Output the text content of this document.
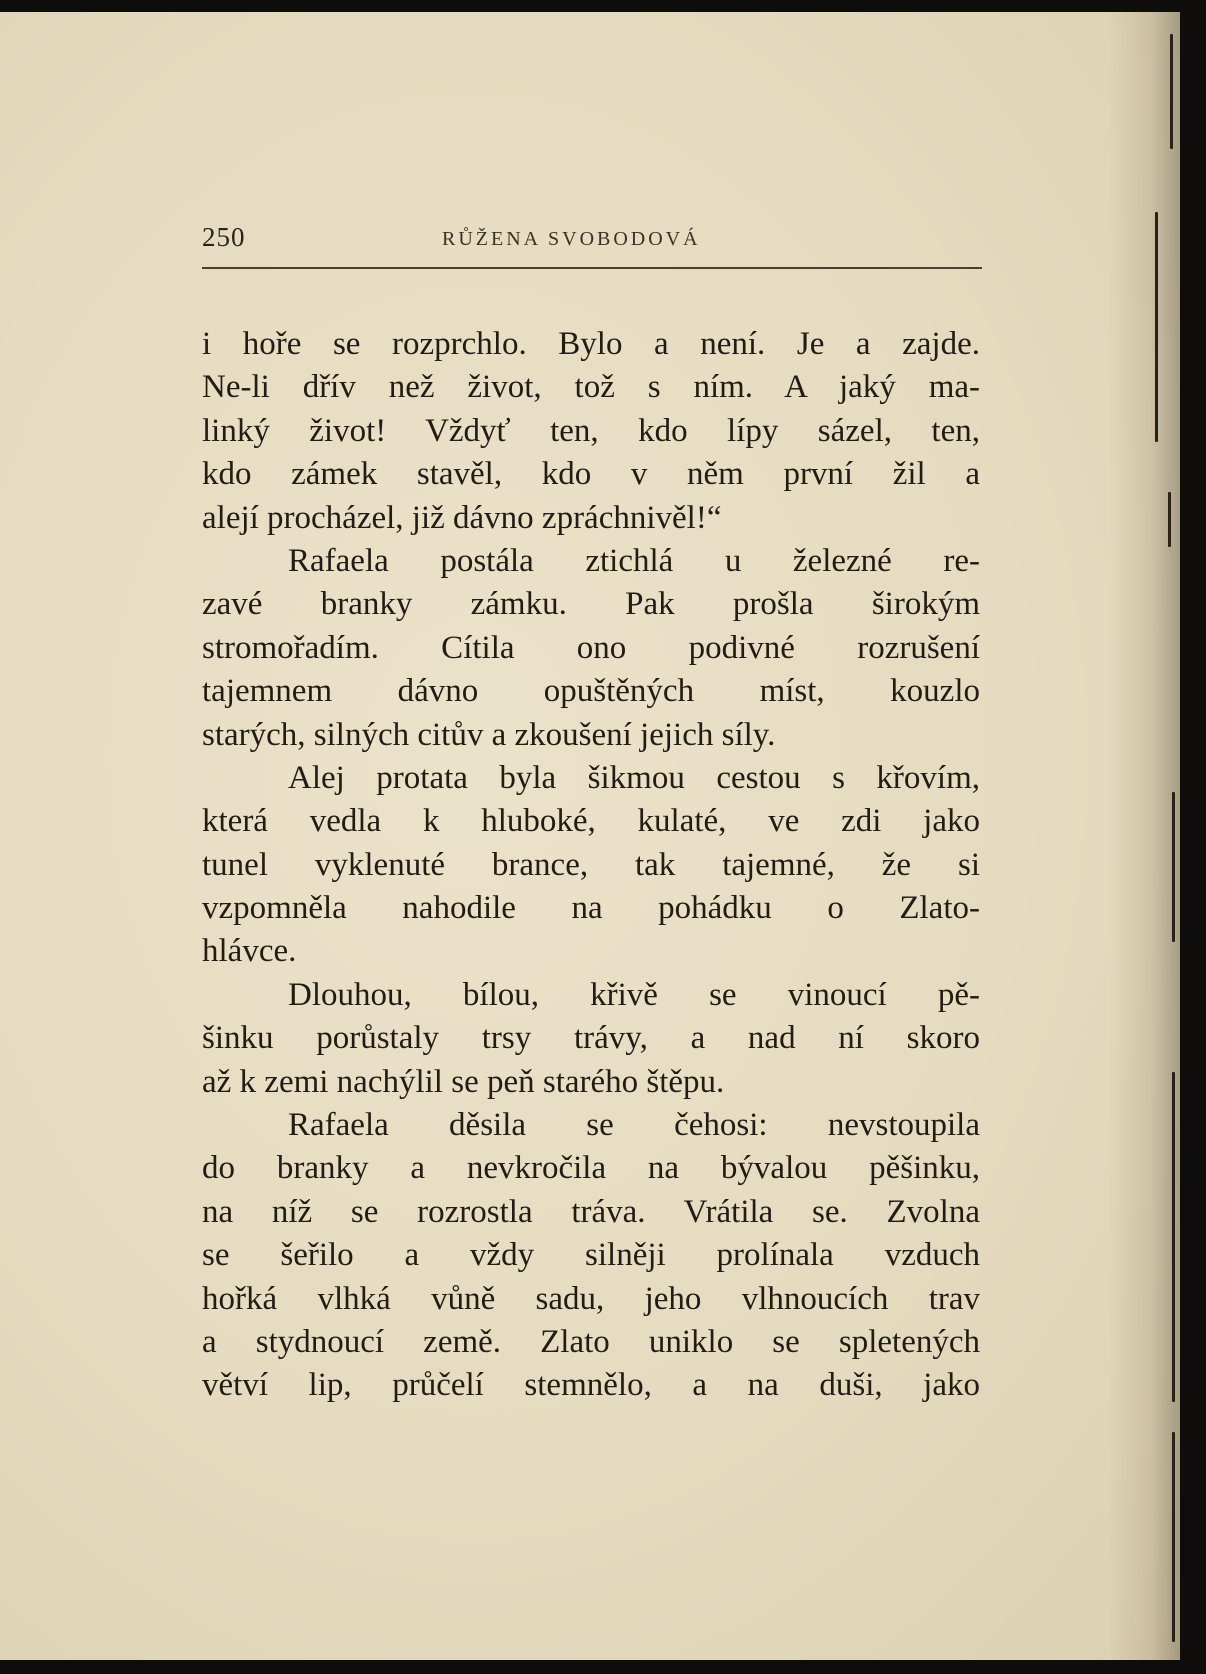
250	RŮŽENA SVOBODOVÁ
i hoře se rozprchlo. Bylo a není. Je a zajde.
Ne-li dřív než život, tož s ním. A jaký ma-
linký život! Vždyť ten, kdo lípy sázel, ten,
kdo zámek stavěl, kdo v něm první žil a
alejí procházel, již dávno zpráchnivěl!“
Rafaela postála ztichlá u železné re-
zavé branky zámku. Pak prošla širokým
stromořadím. Cítila ono podivné rozrušení
tajemnem dávno opuštěných míst, kouzlo
starých, silných citův a zkoušení jejich síly.
Alej protata byla šikmou cestou s křovím,
která vedla k hluboké, kulaté, ve zdi jako
tunel vyklenuté brance, tak tajemné, že si
vzpomněla nahodile na pohádku o Zlato-
hlávce.
Dlouhou, bílou, křivě se vinoucí pě-
šinku porůstaly trsy trávy, a nad ní skoro
až k zemi nachýlil se peň starého štěpu.
Rafaela děsila se čehosi: nevstoupila
do branky a nevkročila na bývalou pěšinku,
na níž se rozrostla tráva. Vrátila se. Zvolna
se šeřilo a vždy silněji prolínala vzduch
hořká vlhká vůně sadu, jeho vlhnoucích trav
a stydnoucí země. Zlato uniklo se spletených
větví lip, průčelí stemnělo, a na duši, jako
